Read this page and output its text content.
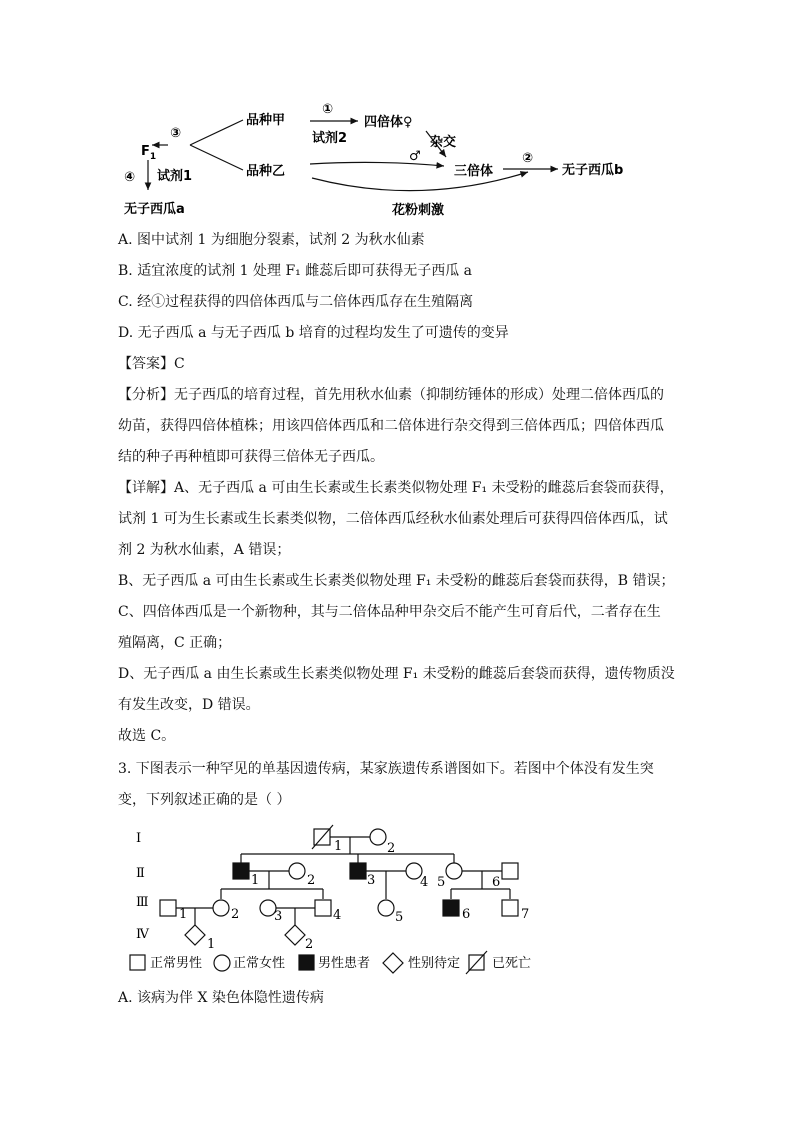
$F_1$
③
品种甲
品种乙
①
试剂2
四倍体♀
杂交
♂
三倍体
②
无子西瓜b
花粉刺激
④ 试剂1
无子西瓜a
A. 图中试剂 1 为细胞分裂素，试剂 2 为秋水仙素
B. 适宜浓度的试剂 1 处理 F₁ 雌蕊后即可获得无子西瓜 a
C. 经①过程获得的四倍体西瓜与二倍体西瓜存在生殖隔离
D. 无子西瓜 a 与无子西瓜 b 培育的过程均发生了可遗传的变异
【答案】C
【分析】无子西瓜的培育过程，首先用秋水仙素（抑制纺锤体的形成）处理二倍体西瓜的
幼苗，获得四倍体植株；用该四倍体西瓜和二倍体进行杂交得到三倍体西瓜；四倍体西瓜
结的种子再种植即可获得三倍体无子西瓜。
【详解】A、无子西瓜 a 可由生长素或生长素类似物处理 F₁ 未受粉的雌蕊后套袋而获得，
试剂 1 可为生长素或生长素类似物，二倍体西瓜经秋水仙素处理后可获得四倍体西瓜，试
剂 2 为秋水仙素，A 错误；
B、无子西瓜 a 可由生长素或生长素类似物处理 F₁ 未受粉的雌蕊后套袋而获得，B 错误；
C、四倍体西瓜是一个新物种，其与二倍体品种甲杂交后不能产生可育后代，二者存在生
殖隔离，C 正确；
D、无子西瓜 a 由生长素或生长素类似物处理 F₁ 未受粉的雌蕊后套袋而获得，遗传物质没
有发生改变，D 错误。
故选 C。
3. 下图表示一种罕见的单基因遗传病，某家族遗传系谱图如下。若图中个体没有发生突
变，下列叙述正确的是（ ）
Ⅰ
Ⅱ
Ⅲ
Ⅳ
1	2
1	2	3	4 5	6
1	2	3	4	5	6	7
1	2
正常男性 正常女性	男性患者	性别待定 已死亡
A. 该病为伴 X 染色体隐性遗传病
